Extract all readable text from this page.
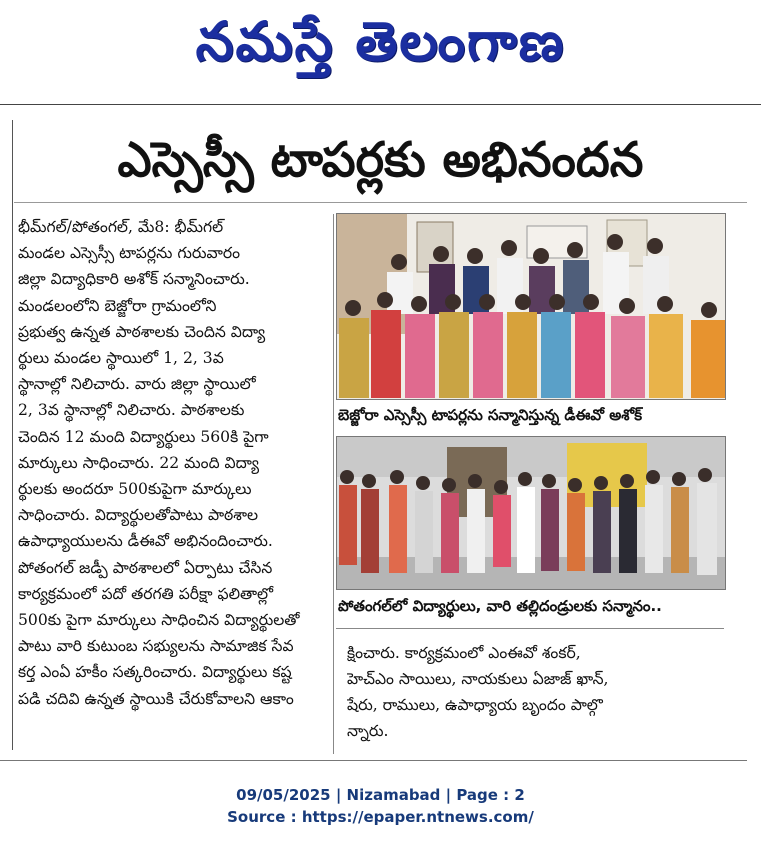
నమస్తే తెలంగాణ
ఎస్సెస్సీ టాపర్లకు అభినందన
భీమ్‌గల్/పోతంగల్, మే8: భీమ్‌గల్
మండల ఎస్సెస్సీ టాపర్లను గురువారం
జిల్లా విద్యాధికారి అశోక్ సన్మానించారు.
మండలంలోని బెజ్జోరా గ్రామంలోని
ప్రభుత్వ ఉన్నత పాఠశాలకు చెందిన విద్యా
ర్థులు మండల స్థాయిలో 1, 2, 3వ
స్థానాల్లో నిలిచారు. వారు జిల్లా స్థాయిలో
2, 3వ స్థానాల్లో నిలిచారు. పాఠశాలకు
చెందిన 12 మంది విద్యార్థులు 560కి పైగా
మార్కులు సాధించారు. 22 మంది విద్యా
ర్థులకు అందరూ 500కుపైగా మార్కులు
సాధించారు. విద్యార్థులతోపాటు పాఠశాల
ఉపాధ్యాయులను డీఈవో అభినందించారు.
పోతంగల్ జడ్పీ పాఠశాలలో ఏర్పాటు చేసిన
కార్యక్రమంలో పదో తరగతి పరీక్షా ఫలితాల్లో
500కు పైగా మార్కులు సాధించిన విద్యార్థులతో
పాటు వారి కుటుంబ సభ్యులను సామాజిక సేవ
కర్త ఎంఏ హకీం సత్కరించారు. విద్యార్థులు కష్ట
పడి చదివి ఉన్నత స్థాయికి చేరుకోవాలని ఆకాం
బెజ్జోరా ఎస్సెస్సీ టాపర్లను సన్మానిస్తున్న డీఈవో అశోక్
పోతంగల్‌లో విద్యార్థులు, వారి తల్లిదండ్రులకు సన్మానం..
క్షించారు. కార్యక్రమంలో ఎంఈవో శంకర్,
హెచ్‌ఎం సాయిలు, నాయకులు ఏజాజ్ ఖాన్,
షేరు, రాములు, ఉపాధ్యాయ బృందం పాల్గొ
న్నారు.
09/05/2025 | Nizamabad | Page : 2
Source : https://epaper.ntnews.com/
